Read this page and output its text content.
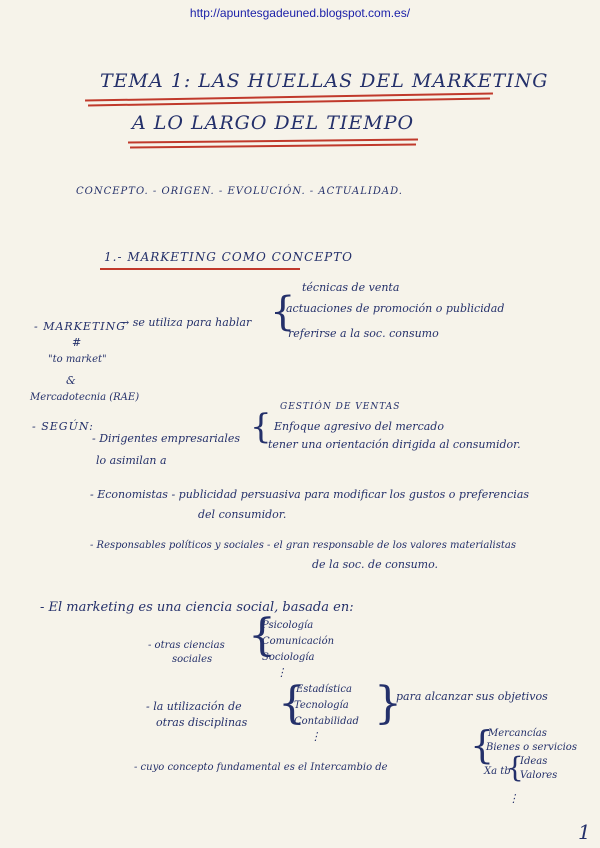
http://apuntesgadeuned.blogspot.com.es/
TEMA 1: LAS HUELLAS DEL MARKETING
A LO LARGO DEL TIEMPO
CONCEPTO. - ORIGEN. - EVOLUCIÓN. - ACTUALIDAD.
1.- MARKETING COMO CONCEPTO
técnicas de venta
- MARKETING
→ se utiliza para hablar {
actuaciones de promoción o publicidad
referirse a la soc. consumo
#
"to market"
&
Mercadotecnia (RAE)
GESTIÓN DE VENTAS
- SEGÚN:	Enfoque agresivo del mercado
- Dirigentes empresariales {
tener una orientación dirigida al consumidor.
lo asimilan a
- Economistas - publicidad persuasiva para modificar los gustos o preferencias
del consumidor.
- Responsables políticos y sociales - el gran responsable de los valores materialistas
de la soc. de consumo.
- El marketing es una ciencia social, basada en:
{
Psicología
- otras ciencias	Comunicación
sociales	Sociología
⋮
{
Estadística
Tecnología
- la utilización de	}
para alcanzar sus objetivos
Contabilidad
otras disciplinas
⋮	{
Mercancías
Bienes o servicios
- cuyo concepto fundamental es el Intercambio de
Ideas
Xa tb
{
Valores
⋮
1
